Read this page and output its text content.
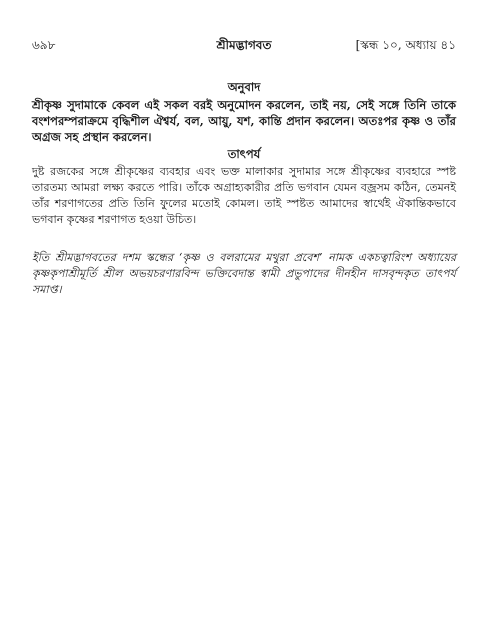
৬৯৮	শ্রীমদ্ভাগবত	[স্কন্ধ ১০, অধ্যায় ৪১
অনুবাদ

শ্রীকৃষ্ণ সুদামাকে কেবল এই সকল বরই অনুমোদন করলেন, তাই নয়, সেই সঙ্গে তিনি তাকে বংশপরম্পরাক্রমে বৃদ্ধিশীল ঐশ্বর্য, বল, আয়ু, যশ, কান্তি প্রদান করলেন। অতঃপর কৃষ্ণ ও তাঁর অগ্রজ সহ প্রস্থান করলেন।

তাৎপর্য

দুষ্ট রজকের সঙ্গে শ্রীকৃষ্ণের ব্যবহার এবং ভক্ত মালাকার সুদামার সঙ্গে শ্রীকৃষ্ণের ব্যবহারে স্পষ্ট তারতম্য আমরা লক্ষ্য করতে পারি। তাঁকে অগ্রাহ্যকারীর প্রতি ভগবান যেমন বজ্রসম কঠিন, তেমনই তাঁর শরণাগতের প্রতি তিনি ফুলের মতোই কোমল। তাই স্পষ্টত আমাদের স্বার্থেই ঐকান্তিকভাবে ভগবান কৃষ্ণের শরণাগত হওয়া উচিত।

ইতি শ্রীমদ্ভাগবতের দশম স্কন্ধের ‘কৃষ্ণ ও বলরামের মথুরা প্রবেশ’ নামক একচত্বারিংশ অধ্যায়ের কৃষ্ণকৃপাশ্রীমূর্তি শ্রীল অভয়চরণারবিন্দ ভক্তিবেদান্ত স্বামী প্রভুপাদের দীনহীন দাসবৃন্দকৃত তাৎপর্য সমাপ্ত।
